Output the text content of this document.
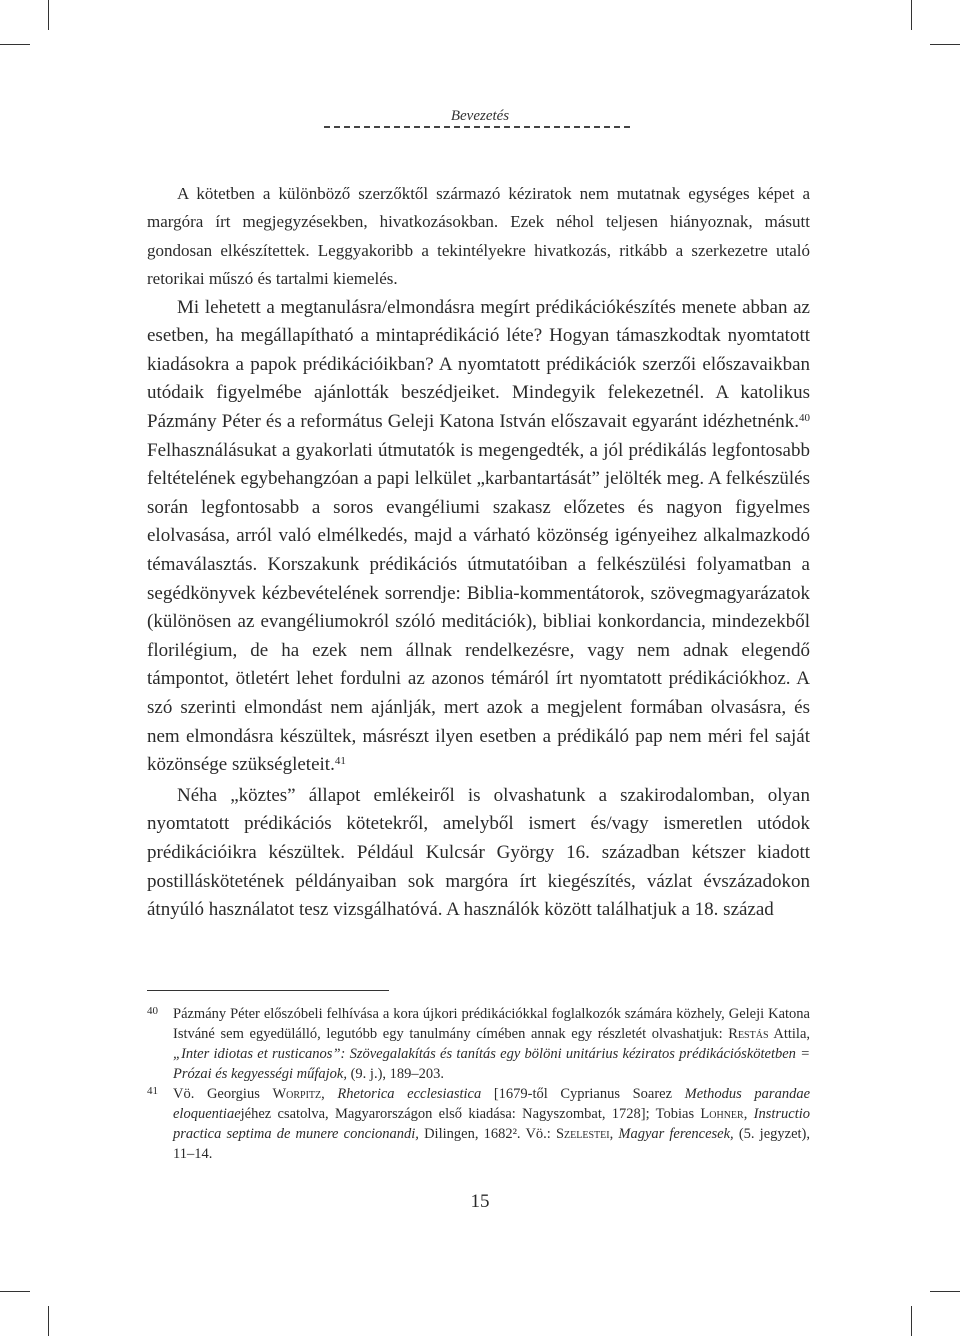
Bevezetés

A kötetben a különböző szerzőktől származó kéziratok nem mutatnak egységes képet a margóra írt megjegyzésekben, hivatkozásokban. Ezek néhol teljesen hiányoznak, másutt gondosan elkészítettek. Leggyakoribb a tekintélyekre hivatkozás, ritkább a szerkezetre utaló retorikai műszó és tartalmi kiemelés.

Mi lehetett a megtanulásra/elmondásra megírt prédikációkészítés menete abban az esetben, ha megállapítható a mintaprédikáció léte? Hogyan támaszkodtak nyomtatott kiadásokra a papok prédikációikban? A nyomtatott prédikációk szerzői előszavaikban utódaik figyelmébe ajánlották beszédjeiket. Mindegyik felekezetnél. A katolikus Pázmány Péter és a református Geleji Katona István előszavait egyaránt idézhetnénk.$^{40}$ Felhasználásukat a gyakorlati útmutatók is megengedték, a jól prédikálás legfontosabb feltételének egybehangzóan a papi lelkület „karbantartását” jelölték meg. A felkészülés során legfontosabb a soros evangéliumi szakasz előzetes és nagyon figyelmes elolvasása, arról való elmélkedés, majd a várható közönség igényeihez alkalmazkodó témaválasztás. Korszakunk prédikációs útmutatóiban a felkészülési folyamatban a segédkönyvek kézbevételének sorrendje: Biblia-kommentátorok, szövegmagyarázatok (különösen az evangéliumokról szóló meditációk), bibliai konkordancia, mindezekből florilégium, de ha ezek nem állnak rendelkezésre, vagy nem adnak elegendő támpontot, ötletért lehet fordulni az azonos témáról írt nyomtatott prédikációkhoz. A szó szerinti elmondást nem ajánlják, mert azok a megjelent formában olvasásra, és nem elmondásra készültek, másrészt ilyen esetben a prédikáló pap nem méri fel saját közönsége szükségleteit.$^{41}$

Néha „köztes” állapot emlékeiről is olvashatunk a szakirodalomban, olyan nyomtatott prédikációs kötetekről, amelyből ismert és/vagy ismeretlen utódok prédikációikra készültek. Például Kulcsár György 16. században kétszer kiadott postilláskötetének példányaiban sok margóra írt kiegészítés, vázlat évszázadokon átnyúló használatot tesz vizsgálhatóvá. A használók között találhatjuk a 18. század

40 Pázmány Péter előszóbeli felhívása a kora újkori prédikációkkal foglalkozók számára közhely, Geleji Katona Istváné sem egyedülálló, legutóbb egy tanulmány címében annak egy részletét olvashatjuk: Restás Attila, „Inter idiotas et rusticanos”: Szövegalakítás és tanítás egy bölöni unitárius kéziratos prédikációskötetben = Prózai és kegyességi műfajok, (9. j.), 189–203.
41 Vö. Georgius Worpitz, Rhetorica ecclesiastica [1679-től Cyprianus Soarez Methodus parandae eloquentiaejéhez csatolva, Magyarországon első kiadása: Nagyszombat, 1728]; Tobias Lohner, Instructio practica septima de munere concionandi, Dilingen, 1682². Vö.: Szelestei, Magyar ferencesek, (5. jegyzet), 11–14.
15
